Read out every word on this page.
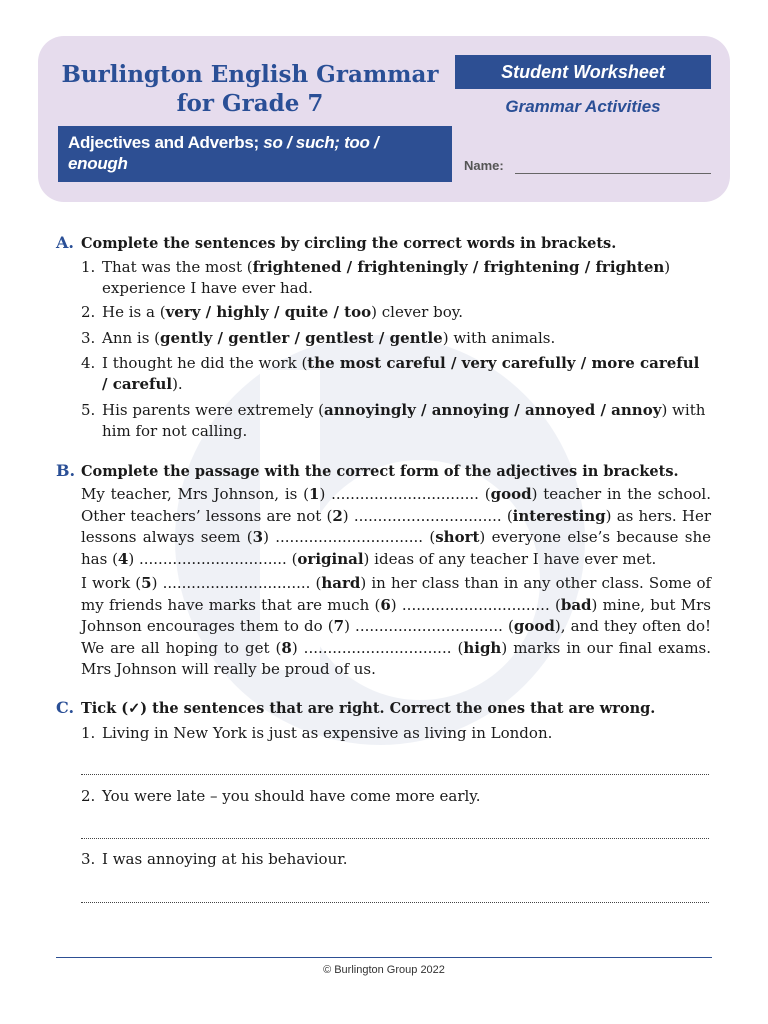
Burlington English Grammar
for Grade 7
Adjectives and Adverbs; so / such; too / enough
Student Worksheet
Grammar Activities
Name:
A. Complete the sentences by circling the correct words in brackets.
1. That was the most (frightened / frighteningly / frightening / frighten) experience I have ever had.
2. He is a (very / highly / quite / too) clever boy.
3. Ann is (gently / gentler / gentlest / gentle) with animals.
4. I thought he did the work (the most careful / very carefully / more careful / careful).
5. His parents were extremely (annoyingly / annoying / annoyed / annoy) with him for not calling.
B. Complete the passage with the correct form of the adjectives in brackets.
My teacher, Mrs Johnson, is (1) ............................... (good) teacher in the school. Other teachers’ lessons are not (2) ............................... (interesting) as hers. Her lessons always seem (3) ............................... (short) everyone else’s because she has (4) ............................... (original) ideas of any teacher I have ever met.
I work (5) ............................... (hard) in her class than in any other class. Some of my friends have marks that are much (6) ............................... (bad) mine, but Mrs Johnson encourages them to do (7) ............................... (good), and they often do! We are all hoping to get (8) ............................... (high) marks in our final exams. Mrs Johnson will really be proud of us.
C. Tick (✓) the sentences that are right. Correct the ones that are wrong.
1. Living in New York is just as expensive as living in London.
2. You were late – you should have come more early.
3. I was annoying at his behaviour.
© Burlington Group 2022
